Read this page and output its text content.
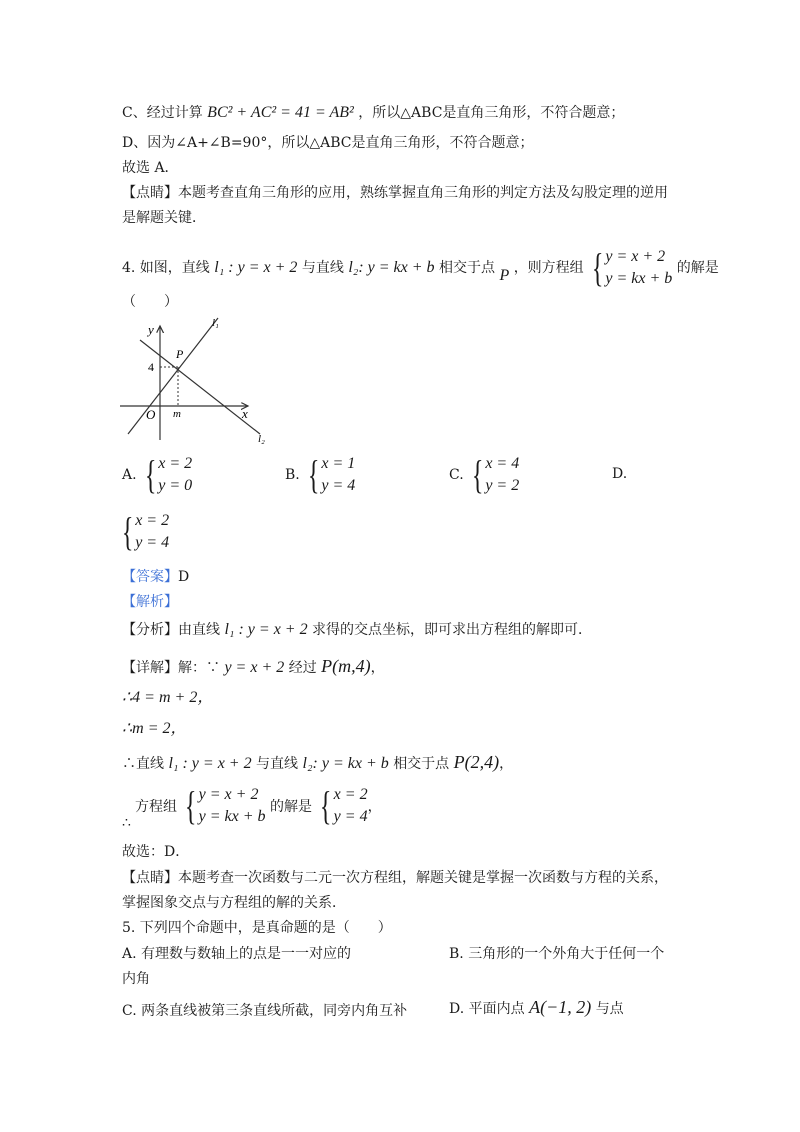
C、经过计算 BC² + AC² = 41 = AB² ，所以△ABC是直角三角形，不符合题意；
D、因为∠A+∠B=90°，所以△ABC是直角三角形，不符合题意；
故选 A．
【点睛】本题考查直角三角形的应用，熟练掌握直角三角形的判定方法及勾股定理的逆用
是解题关键．
4. 如图，直线 l₁ : y = x + 2 与直线 l₂: y = kx + b 相交于点 P ，则方程组 { y = x + 2
y = kx + b
的解是
（　　）
y
x
O m
4
P
l₁
l₂
A. { x = 2
y = 0
B. { x = 1
y = 4
C. { x = 4
y = 2
D.
{ x = 2
y = 4
【答案】D
【解析】
【分析】由直线 l₁ : y = x + 2 求得的交点坐标，即可求出方程组的解即可．
【详解】解：∵ y = x + 2 经过 P(m,4)，
∴4 = m + 2，
∴m = 2，
∴直线 l₁ : y = x + 2 与直线 l₂: y = kx + b 相交于点 P(2,4)，
方程组 { y = x + 2
y = kx + b
的解是 { x = 2
y = 4
，
∴
故选：D．
【点睛】本题考查一次函数与二元一次方程组，解题关键是掌握一次函数与方程的关系，
掌握图象交点与方程组的解的关系．
5. 下列四个命题中，是真命题的是（　　）
A. 有理数与数轴上的点是一一对应的	B. 三角形的一个外角大于任何一个
内角
C. 两条直线被第三条直线所截，同旁内角互补	D. 平面内点 A(−1, 2) 与点
